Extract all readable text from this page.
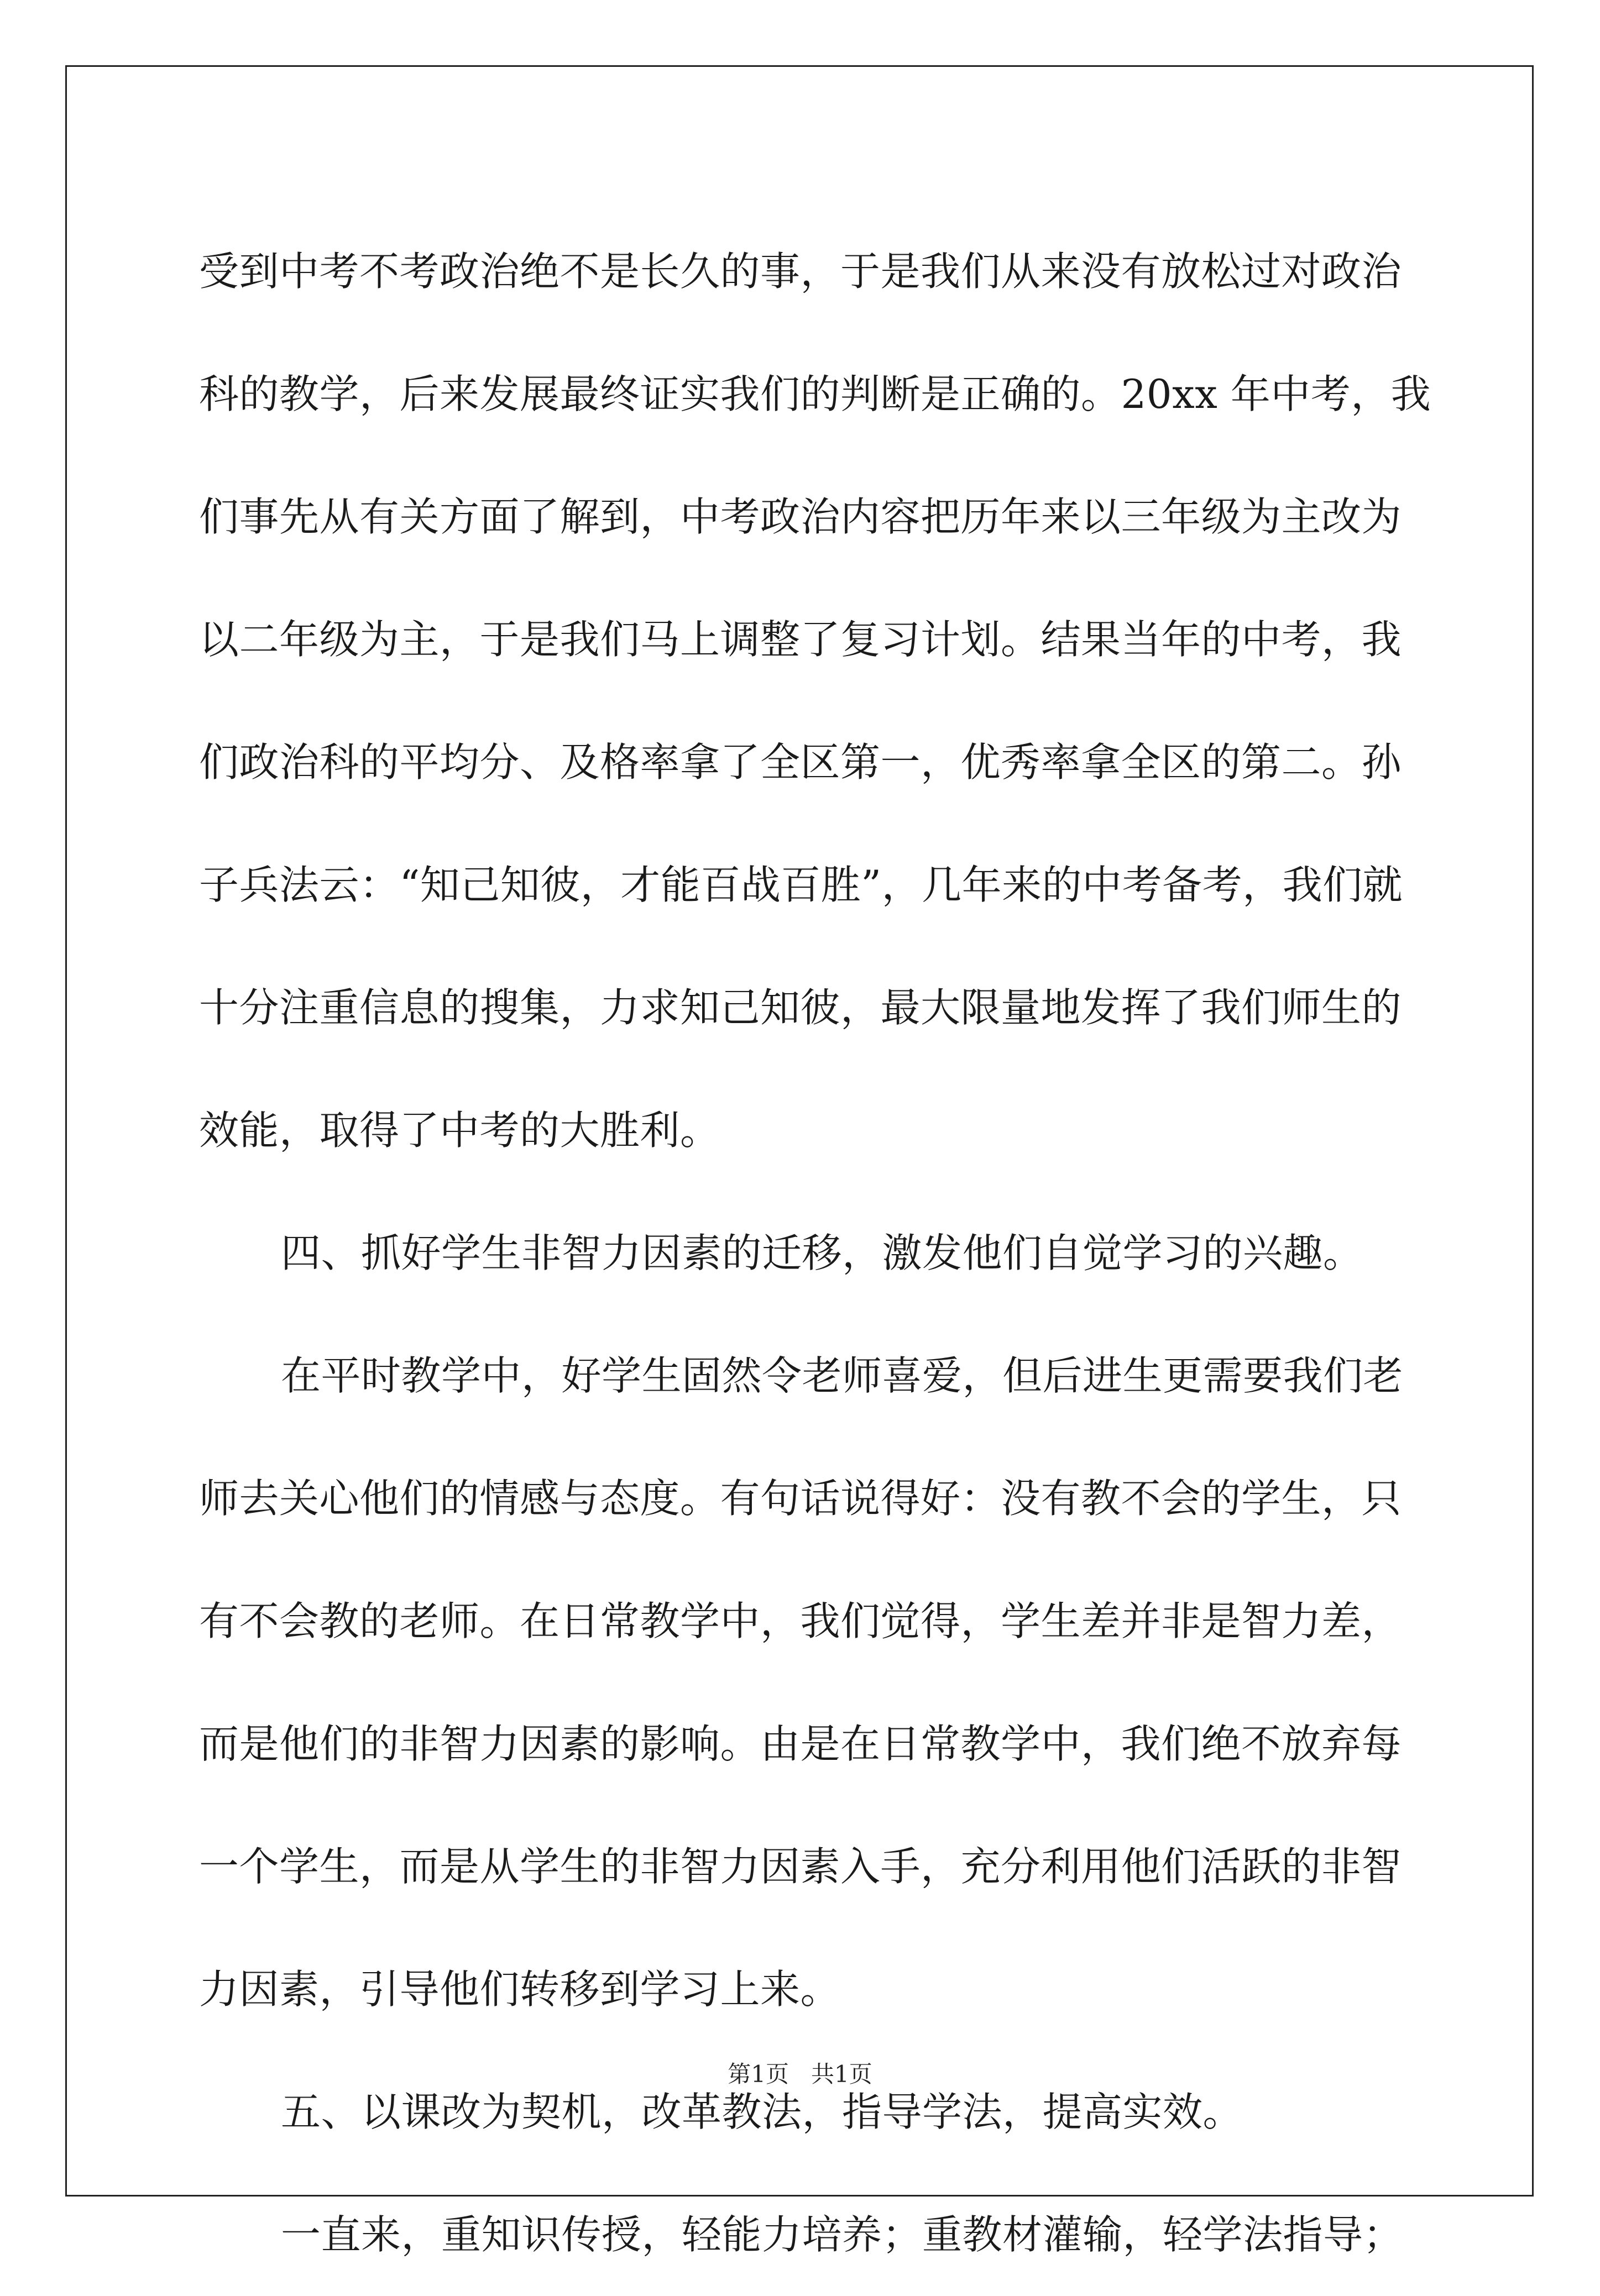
受到中考不考政治绝不是长久的事，于是我们从来没有放松过对政治
科的教学，后来发展最终证实我们的判断是正确的。20xx 年中考，我
们事先从有关方面了解到，中考政治内容把历年来以三年级为主改为
以二年级为主，于是我们马上调整了复习计划。结果当年的中考，我
们政治科的平均分、及格率拿了全区第一，优秀率拿全区的第二。孙
子兵法云：“知己知彼，才能百战百胜”，几年来的中考备考，我们就
十分注重信息的搜集，力求知己知彼，最大限量地发挥了我们师生的
效能，取得了中考的大胜利。
四、抓好学生非智力因素的迁移，激发他们自觉学习的兴趣。
在平时教学中，好学生固然令老师喜爱，但后进生更需要我们老
师去关心他们的情感与态度。有句话说得好：没有教不会的学生，只
有不会教的老师。在日常教学中，我们觉得，学生差并非是智力差，
而是他们的非智力因素的影响。由是在日常教学中，我们绝不放弃每
一个学生，而是从学生的非智力因素入手，充分利用他们活跃的非智
力因素，引导他们转移到学习上来。
五、以课改为契机，改革教法，指导学法，提高实效。
一直来，重知识传授，轻能力培养；重教材灌输，轻学法指导；
第1页 共1页
